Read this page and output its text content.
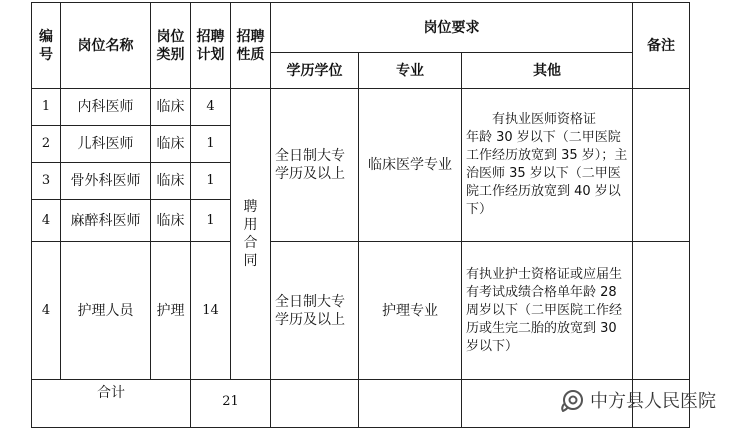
编号	岗位名称	岗位类别	招聘计划	招聘性质	岗位要求			备注
					学历学位	专业	其他	
1	内科医师	临床	4	聘用合同	全日制大专学历及以上	临床医学专业	有执业医师资格证
年龄 30 岁以下（二甲医院工作经历放宽到 35 岁）；主治医师 35 岁以下（二甲医院工作经历放宽到 40 岁以下）	

2	儿科医师	临床	1					
3	骨外科医师	临床	1					
4	麻醉科医师	临床	1					
4	护理人员	护理	14		全日制大专学历及以上	护理专业	有执业护士资格证或应届生有考试成绩合格单年龄 28 周岁以下（二甲医院工作经历或生完二胎的放宽到 30 岁以下）	
合计			21						中方县人民医院
